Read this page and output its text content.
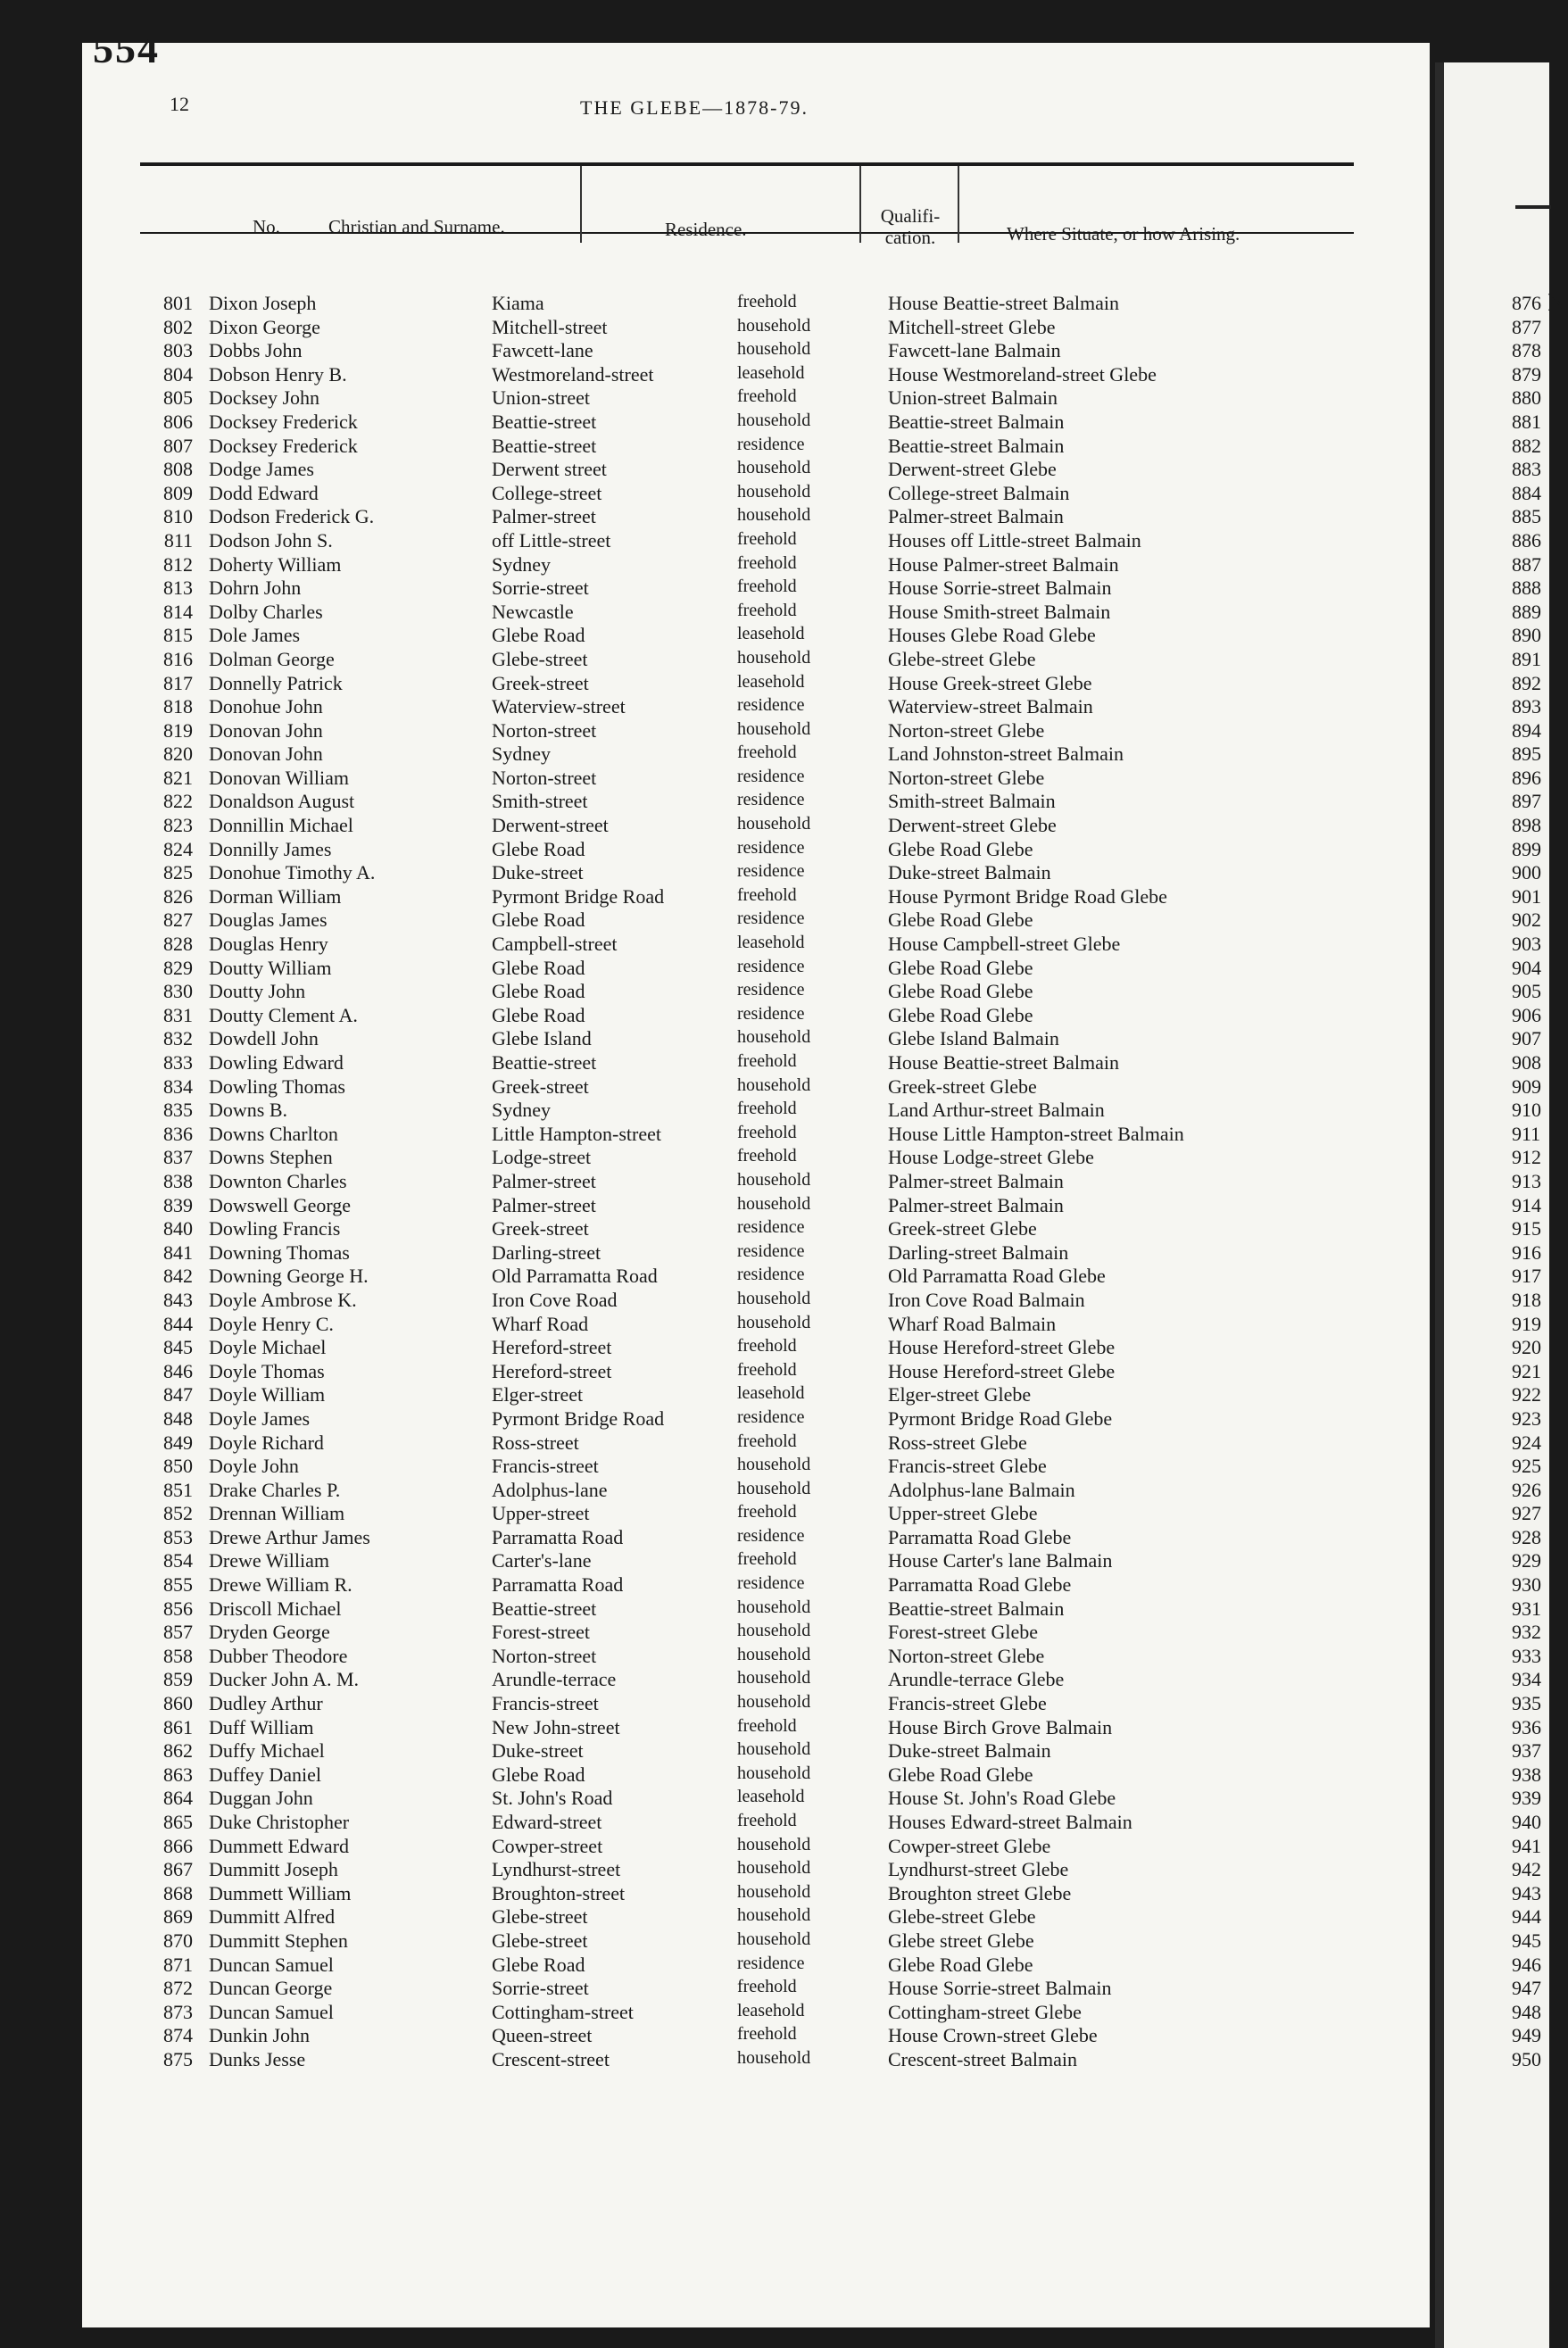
554
12	THE GLEBE—1878-79.
No.	Christian and Surname.	Residence.
Qualifi-cation.	Where Situate, or how Arising.
801 Dixon Joseph	Kiama	freehold	House Beattie-street Balmain
802 Dixon George	Mitchell-street	household	Mitchell-street Glebe
803 Dobbs John	Fawcett-lane	household	Fawcett-lane Balmain
804 Dobson Henry B.	Westmoreland-street	leasehold	House Westmoreland-street Glebe
805 Docksey John	Union-street	freehold	Union-street Balmain
806 Docksey Frederick	Beattie-street	household	Beattie-street Balmain
807 Docksey Frederick	Beattie-street	residence	Beattie-street Balmain
808 Dodge James	Derwent street	household	Derwent-street Glebe
809 Dodd Edward	College-street	household	College-street Balmain
810 Dodson Frederick G.	Palmer-street	household	Palmer-street Balmain
811 Dodson John S.	off Little-street	freehold	Houses off Little-street Balmain
812 Doherty William	Sydney	freehold	House Palmer-street Balmain
813 Dohrn John	Sorrie-street	freehold	House Sorrie-street Balmain
814 Dolby Charles	Newcastle	freehold	House Smith-street Balmain
815 Dole James	Glebe Road	leasehold	Houses Glebe Road Glebe
816 Dolman George	Glebe-street	household	Glebe-street Glebe
817 Donnelly Patrick	Greek-street	leasehold	House Greek-street Glebe
818 Donohue John	Waterview-street	residence	Waterview-street Balmain
819 Donovan John	Norton-street	household	Norton-street Glebe
820 Donovan John	Sydney	freehold	Land Johnston-street Balmain
821 Donovan William	Norton-street	residence	Norton-street Glebe
822 Donaldson August	Smith-street	residence	Smith-street Balmain
823 Donnillin Michael	Derwent-street	household	Derwent-street Glebe
824 Donnilly James	Glebe Road	residence	Glebe Road Glebe
825 Donohue Timothy A.	Duke-street	residence	Duke-street Balmain
826 Dorman William	Pyrmont Bridge Road	freehold	House Pyrmont Bridge Road Glebe
827 Douglas James	Glebe Road	residence	Glebe Road Glebe
828 Douglas Henry	Campbell-street	leasehold	House Campbell-street Glebe
829 Doutty William	Glebe Road	residence	Glebe Road Glebe
830 Doutty John	Glebe Road	residence	Glebe Road Glebe
831 Doutty Clement A.	Glebe Road	residence	Glebe Road Glebe
832 Dowdell John	Glebe Island	household	Glebe Island Balmain
833 Dowling Edward	Beattie-street	freehold	House Beattie-street Balmain
834 Dowling Thomas	Greek-street	household	Greek-street Glebe
835 Downs B.	Sydney	freehold	Land Arthur-street Balmain
836 Downs Charlton	Little Hampton-street	freehold	House Little Hampton-street Balmain
837 Downs Stephen	Lodge-street	freehold	House Lodge-street Glebe
838 Downton Charles	Palmer-street	household	Palmer-street Balmain
839 Dowswell George	Palmer-street	household	Palmer-street Balmain
840 Dowling Francis	Greek-street	residence	Greek-street Glebe
841 Downing Thomas	Darling-street	residence	Darling-street Balmain
842 Downing George H.	Old Parramatta Road	residence	Old Parramatta Road Glebe
843 Doyle Ambrose K.	Iron Cove Road	household	Iron Cove Road Balmain
844 Doyle Henry C.	Wharf Road	household	Wharf Road Balmain
845 Doyle Michael	Hereford-street	freehold	House Hereford-street Glebe
846 Doyle Thomas	Hereford-street	freehold	House Hereford-street Glebe
847 Doyle William	Elger-street	leasehold	Elger-street Glebe
848 Doyle James	Pyrmont Bridge Road	residence	Pyrmont Bridge Road Glebe
849 Doyle Richard	Ross-street	freehold	Ross-street Glebe
850 Doyle John	Francis-street	household	Francis-street Glebe
851 Drake Charles P.	Adolphus-lane	household	Adolphus-lane Balmain
852 Drennan William	Upper-street	freehold	Upper-street Glebe
853 Drewe Arthur James	Parramatta Road	residence	Parramatta Road Glebe
854 Drewe William	Carter's-lane	freehold	House Carter's lane Balmain
855 Drewe William R.	Parramatta Road	residence	Parramatta Road Glebe
856 Driscoll Michael	Beattie-street	household	Beattie-street Balmain
857 Dryden George	Forest-street	household	Forest-street Glebe
858 Dubber Theodore	Norton-street	household	Norton-street Glebe
859 Ducker John A. M.	Arundle-terrace	household	Arundle-terrace Glebe
860 Dudley Arthur	Francis-street	household	Francis-street Glebe
861 Duff William	New John-street	freehold	House Birch Grove Balmain
862 Duffy Michael	Duke-street	household	Duke-street Balmain
863 Duffey Daniel	Glebe Road	household	Glebe Road Glebe
864 Duggan John	St. John's Road	leasehold	House St. John's Road Glebe
865 Duke Christopher	Edward-street	freehold	Houses Edward-street Balmain
866 Dummett Edward	Cowper-street	household	Cowper-street Glebe
867 Dummitt Joseph	Lyndhurst-street	household	Lyndhurst-street Glebe
868 Dummett William	Broughton-street	household	Broughton street Glebe
869 Dummitt Alfred	Glebe-street	household	Glebe-street Glebe
870 Dummitt Stephen	Glebe-street	household	Glebe street Glebe
871 Duncan Samuel	Glebe Road	residence	Glebe Road Glebe
872 Duncan George	Sorrie-street	freehold	House Sorrie-street Balmain
873 Duncan Samuel	Cottingham-street	leasehold	Cottingham-street Glebe
874 Dunkin John	Queen-street	freehold	House Crown-street Glebe
875 Dunks Jesse	Crescent-street	household	Crescent-street Balmain
N
876
877
878
879
880
881
882
883
884
885
886
887
888
889
890
891
892
893
894
895
896
897
898
899
900
901
902
903
904
905
906
907
908
909
910
911
912
913
914
915
916
917
918
919
920
921
922
923
924
925
926
927
928
929
930
931
932
933
934
935
936
937
938
939
940
941
942
943
944
945
946
947
948
949
950
